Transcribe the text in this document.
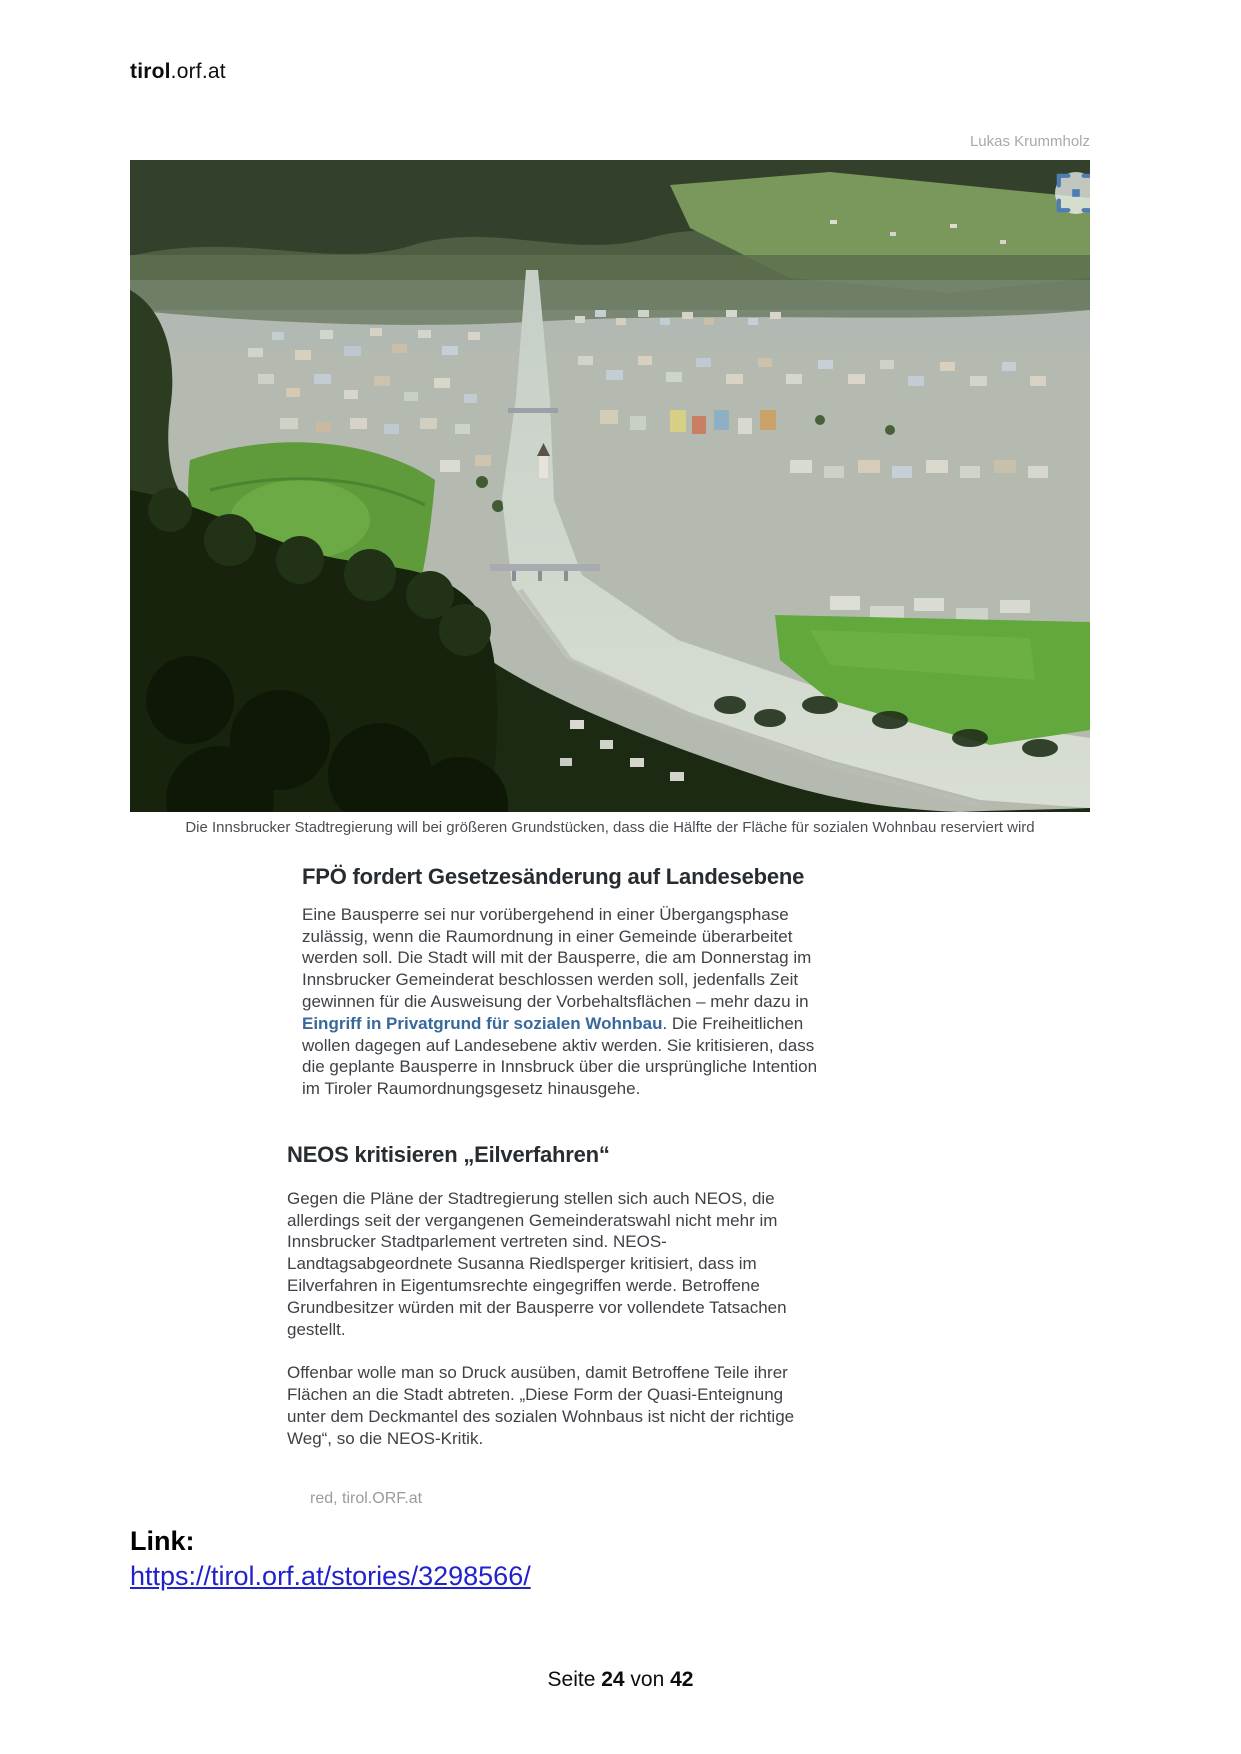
tirol.orf.at
Lukas Krummholz
Die Innsbrucker Stadtregierung will bei größeren Grundstücken, dass die Hälfte der Fläche für sozialen Wohnbau reserviert wird
FPÖ fordert Gesetzesänderung auf Landesebene

Eine Bausperre sei nur vorübergehend in einer Übergangsphase zulässig, wenn die Raumordnung in einer Gemeinde überarbeitet werden soll. Die Stadt will mit der Bausperre, die am Donnerstag im Innsbrucker Gemeinderat beschlossen werden soll, jedenfalls Zeit gewinnen für die Ausweisung der Vorbehaltsflächen – mehr dazu in Eingriff in Privatgrund für sozialen Wohnbau. Die Freiheitlichen wollen dagegen auf Landesebene aktiv werden. Sie kritisieren, dass die geplante Bausperre in Innsbruck über die ursprüngliche Intention im Tiroler Raumordnungsgesetz hinausgehe.

NEOS kritisieren „Eilverfahren“

Gegen die Pläne der Stadtregierung stellen sich auch NEOS, die allerdings seit der vergangenen Gemeinderatswahl nicht mehr im Innsbrucker Stadtparlement vertreten sind. NEOS-Landtagsabgeordnete Susanna Riedlsperger kritisiert, dass im Eilverfahren in Eigentumsrechte eingegriffen werde. Betroffene Grundbesitzer würden mit der Bausperre vor vollendete Tatsachen gestellt.

Offenbar wolle man so Druck ausüben, damit Betroffene Teile ihrer Flächen an die Stadt abtreten. „Diese Form der Quasi-Enteignung unter dem Deckmantel des sozialen Wohnbaus ist nicht der richtige Weg“, so die NEOS-Kritik.

red, tirol.ORF.at
Link:
https://tirol.orf.at/stories/3298566/
Seite 24 von 42
